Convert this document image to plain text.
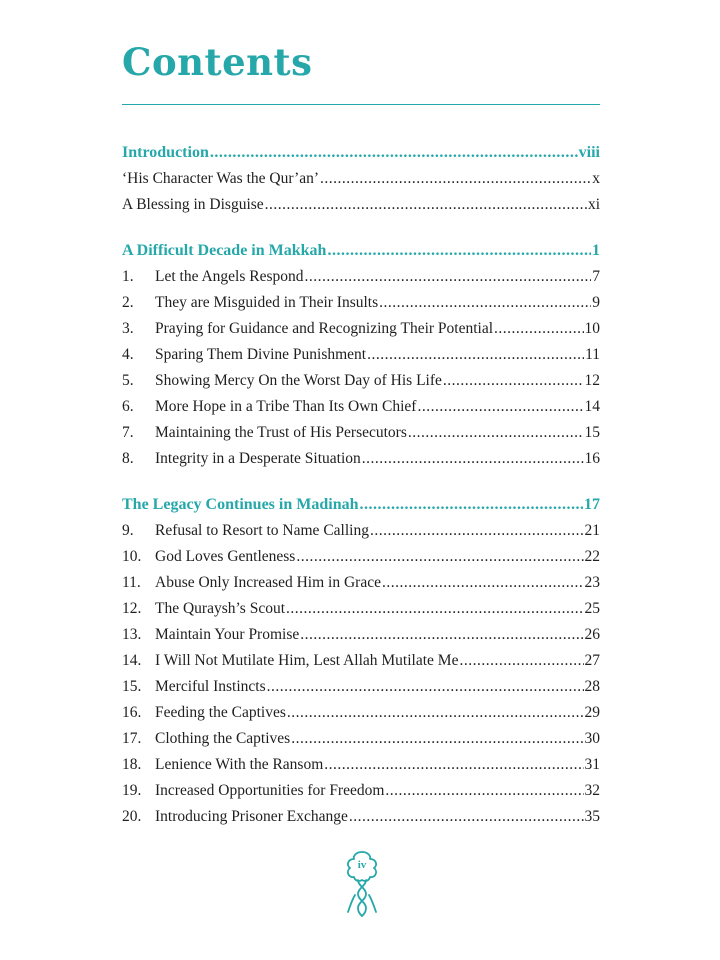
Contents
Introduction .....	viii
‘His Character Was the Qur’an’ .....	x
A Blessing in Disguise .....	xi
A Difficult Decade in Makkah .....	1
1.	Let the Angels Respond .....	7
2.	They are Misguided in Their Insults .....	9
3.	Praying for Guidance and Recognizing Their Potential .....	10
4.	Sparing Them Divine Punishment .....	11
5.	Showing Mercy On the Worst Day of His Life .....	12
6.	More Hope in a Tribe Than Its Own Chief .....	14
7.	Maintaining the Trust of His Persecutors .....	15
8.	Integrity in a Desperate Situation .....	16
The Legacy Continues in Madinah .....	17
9.	Refusal to Resort to Name Calling .....	21
10. God Loves Gentleness .....	22
11. Abuse Only Increased Him in Grace .....	23
12. The Quraysh’s Scout .....	25
13. Maintain Your Promise .....	26
14. I Will Not Mutilate Him, Lest Allah Mutilate Me .....	27
15. Merciful Instincts .....	28
16. Feeding the Captives .....	29
17. Clothing the Captives .....	30
18. Lenience With the Ransom .....	31
19. Increased Opportunities for Freedom .....	32
20. Introducing Prisoner Exchange .....	35
iv
